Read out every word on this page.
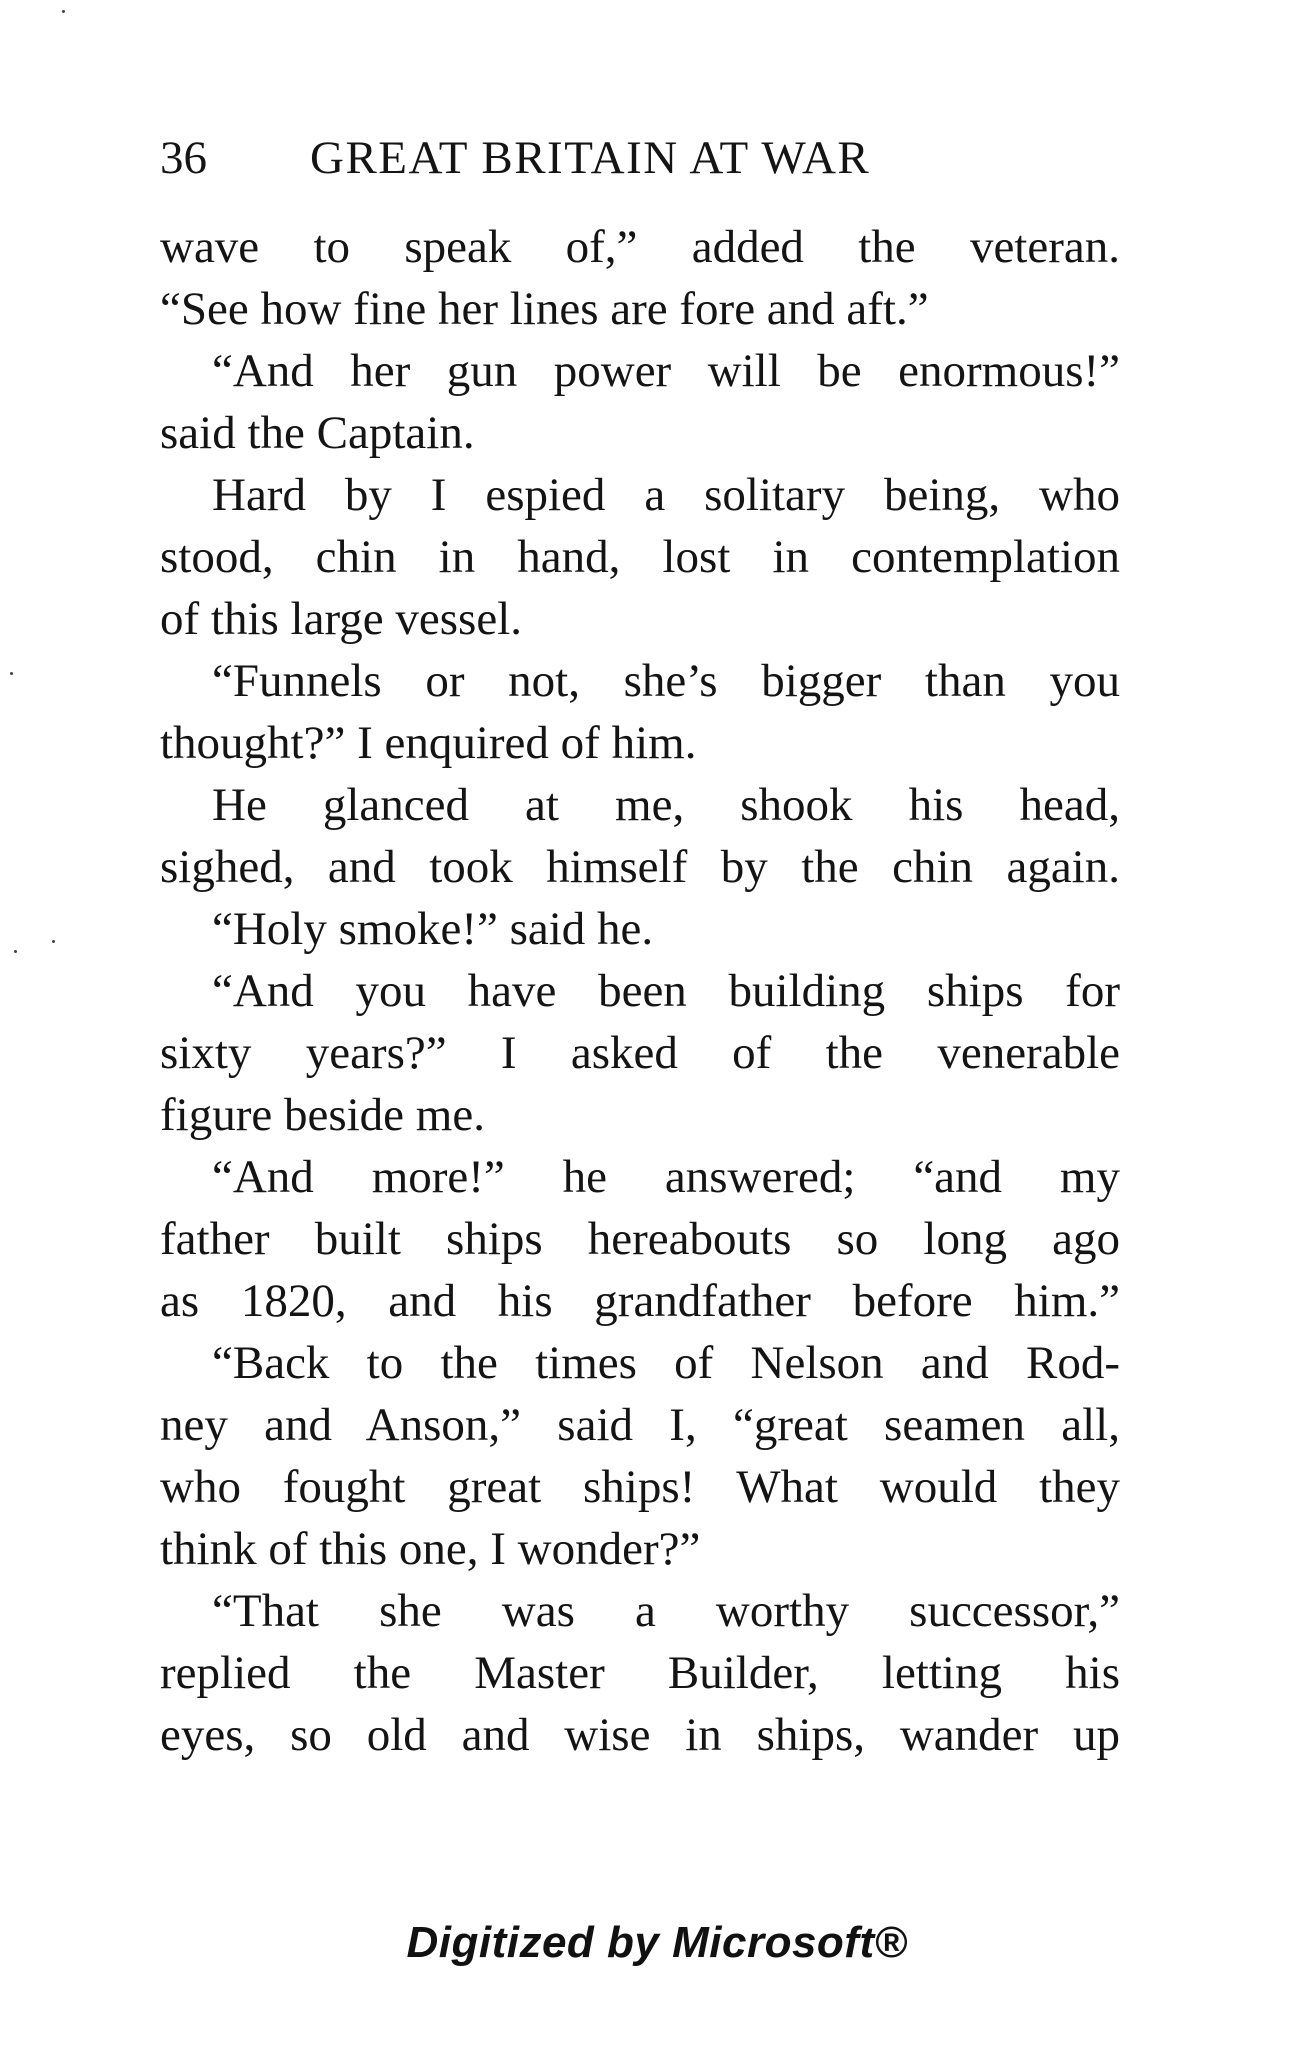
36 GREAT BRITAIN AT WAR
wave to speak of,” added the veteran.
“See how fine her lines are fore and aft.”
“And her gun power will be enormous!”
said the Captain.
Hard by I espied a solitary being, who
stood, chin in hand, lost in contemplation
of this large vessel.
“Funnels or not, she’s bigger than you
thought?” I enquired of him.
He glanced at me, shook his head,
sighed, and took himself by the chin again.
“Holy smoke!” said he.
“And you have been building ships for
sixty years?” I asked of the venerable
figure beside me.
“And more!” he answered; “and my
father built ships hereabouts so long ago
as 1820, and his grandfather before him.”
“Back to the times of Nelson and Rod-
ney and Anson,” said I, “great seamen all,
who fought great ships! What would they
think of this one, I wonder?”
“That she was a worthy successor,”
replied the Master Builder, letting his
eyes, so old and wise in ships, wander up
Digitized by Microsoft®
